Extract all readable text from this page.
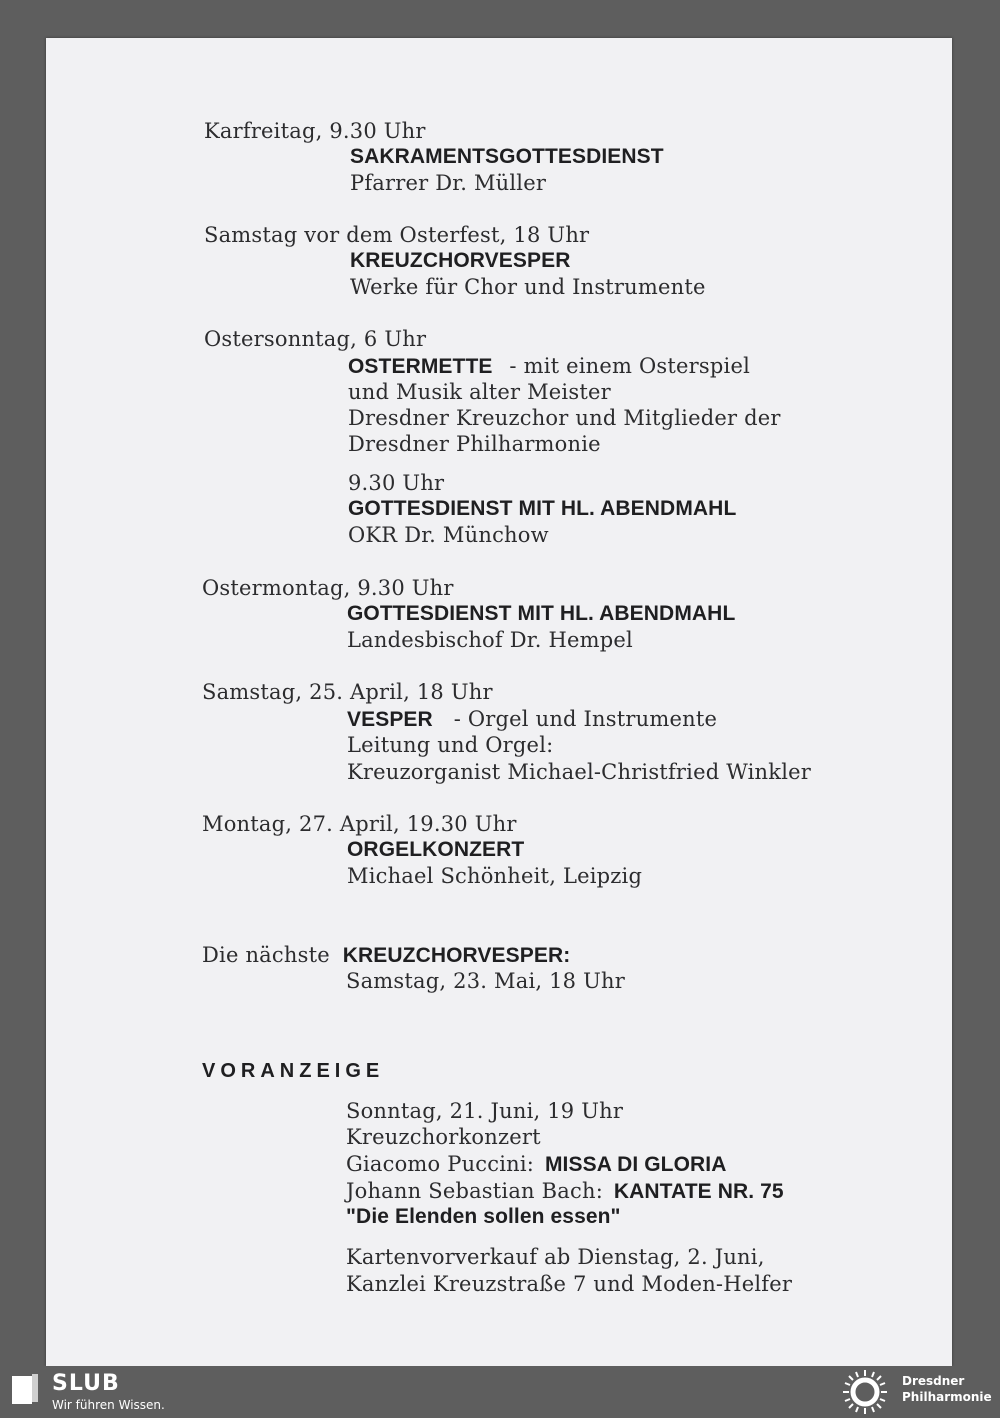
Karfreitag, 9.30 Uhr
SAKRAMENTSGOTTESDIENST
Pfarrer Dr. Müller
Samstag vor dem Osterfest, 18 Uhr
KREUZCHORVESPER
Werke für Chor und Instrumente
Ostersonntag, 6 Uhr
OSTERMETTE - mit einem Osterspiel
und Musik alter Meister
Dresdner Kreuzchor und Mitglieder der
Dresdner Philharmonie
9.30 Uhr
GOTTESDIENST MIT HL. ABENDMAHL
OKR Dr. Münchow
Ostermontag, 9.30 Uhr
GOTTESDIENST MIT HL. ABENDMAHL
Landesbischof Dr. Hempel
Samstag, 25. April, 18 Uhr
VESPER - Orgel und Instrumente
Leitung und Orgel:
Kreuzorganist Michael-Christfried Winkler
Montag, 27. April, 19.30 Uhr
ORGELKONZERT
Michael Schönheit, Leipzig
Die nächste KREUZCHORVESPER:
Samstag, 23. Mai, 18 Uhr
VORANZEIGE
Sonntag, 21. Juni, 19 Uhr
Kreuzchorkonzert
Giacomo Puccini: MISSA DI GLORIA
Johann Sebastian Bach: KANTATE NR. 75
"Die Elenden sollen essen"
Kartenvorverkauf ab Dienstag, 2. Juni,
Kanzlei Kreuzstraße 7 und Moden-Helfer
SLUB
Wir führen Wissen.
Dresdner
Philharmonie
